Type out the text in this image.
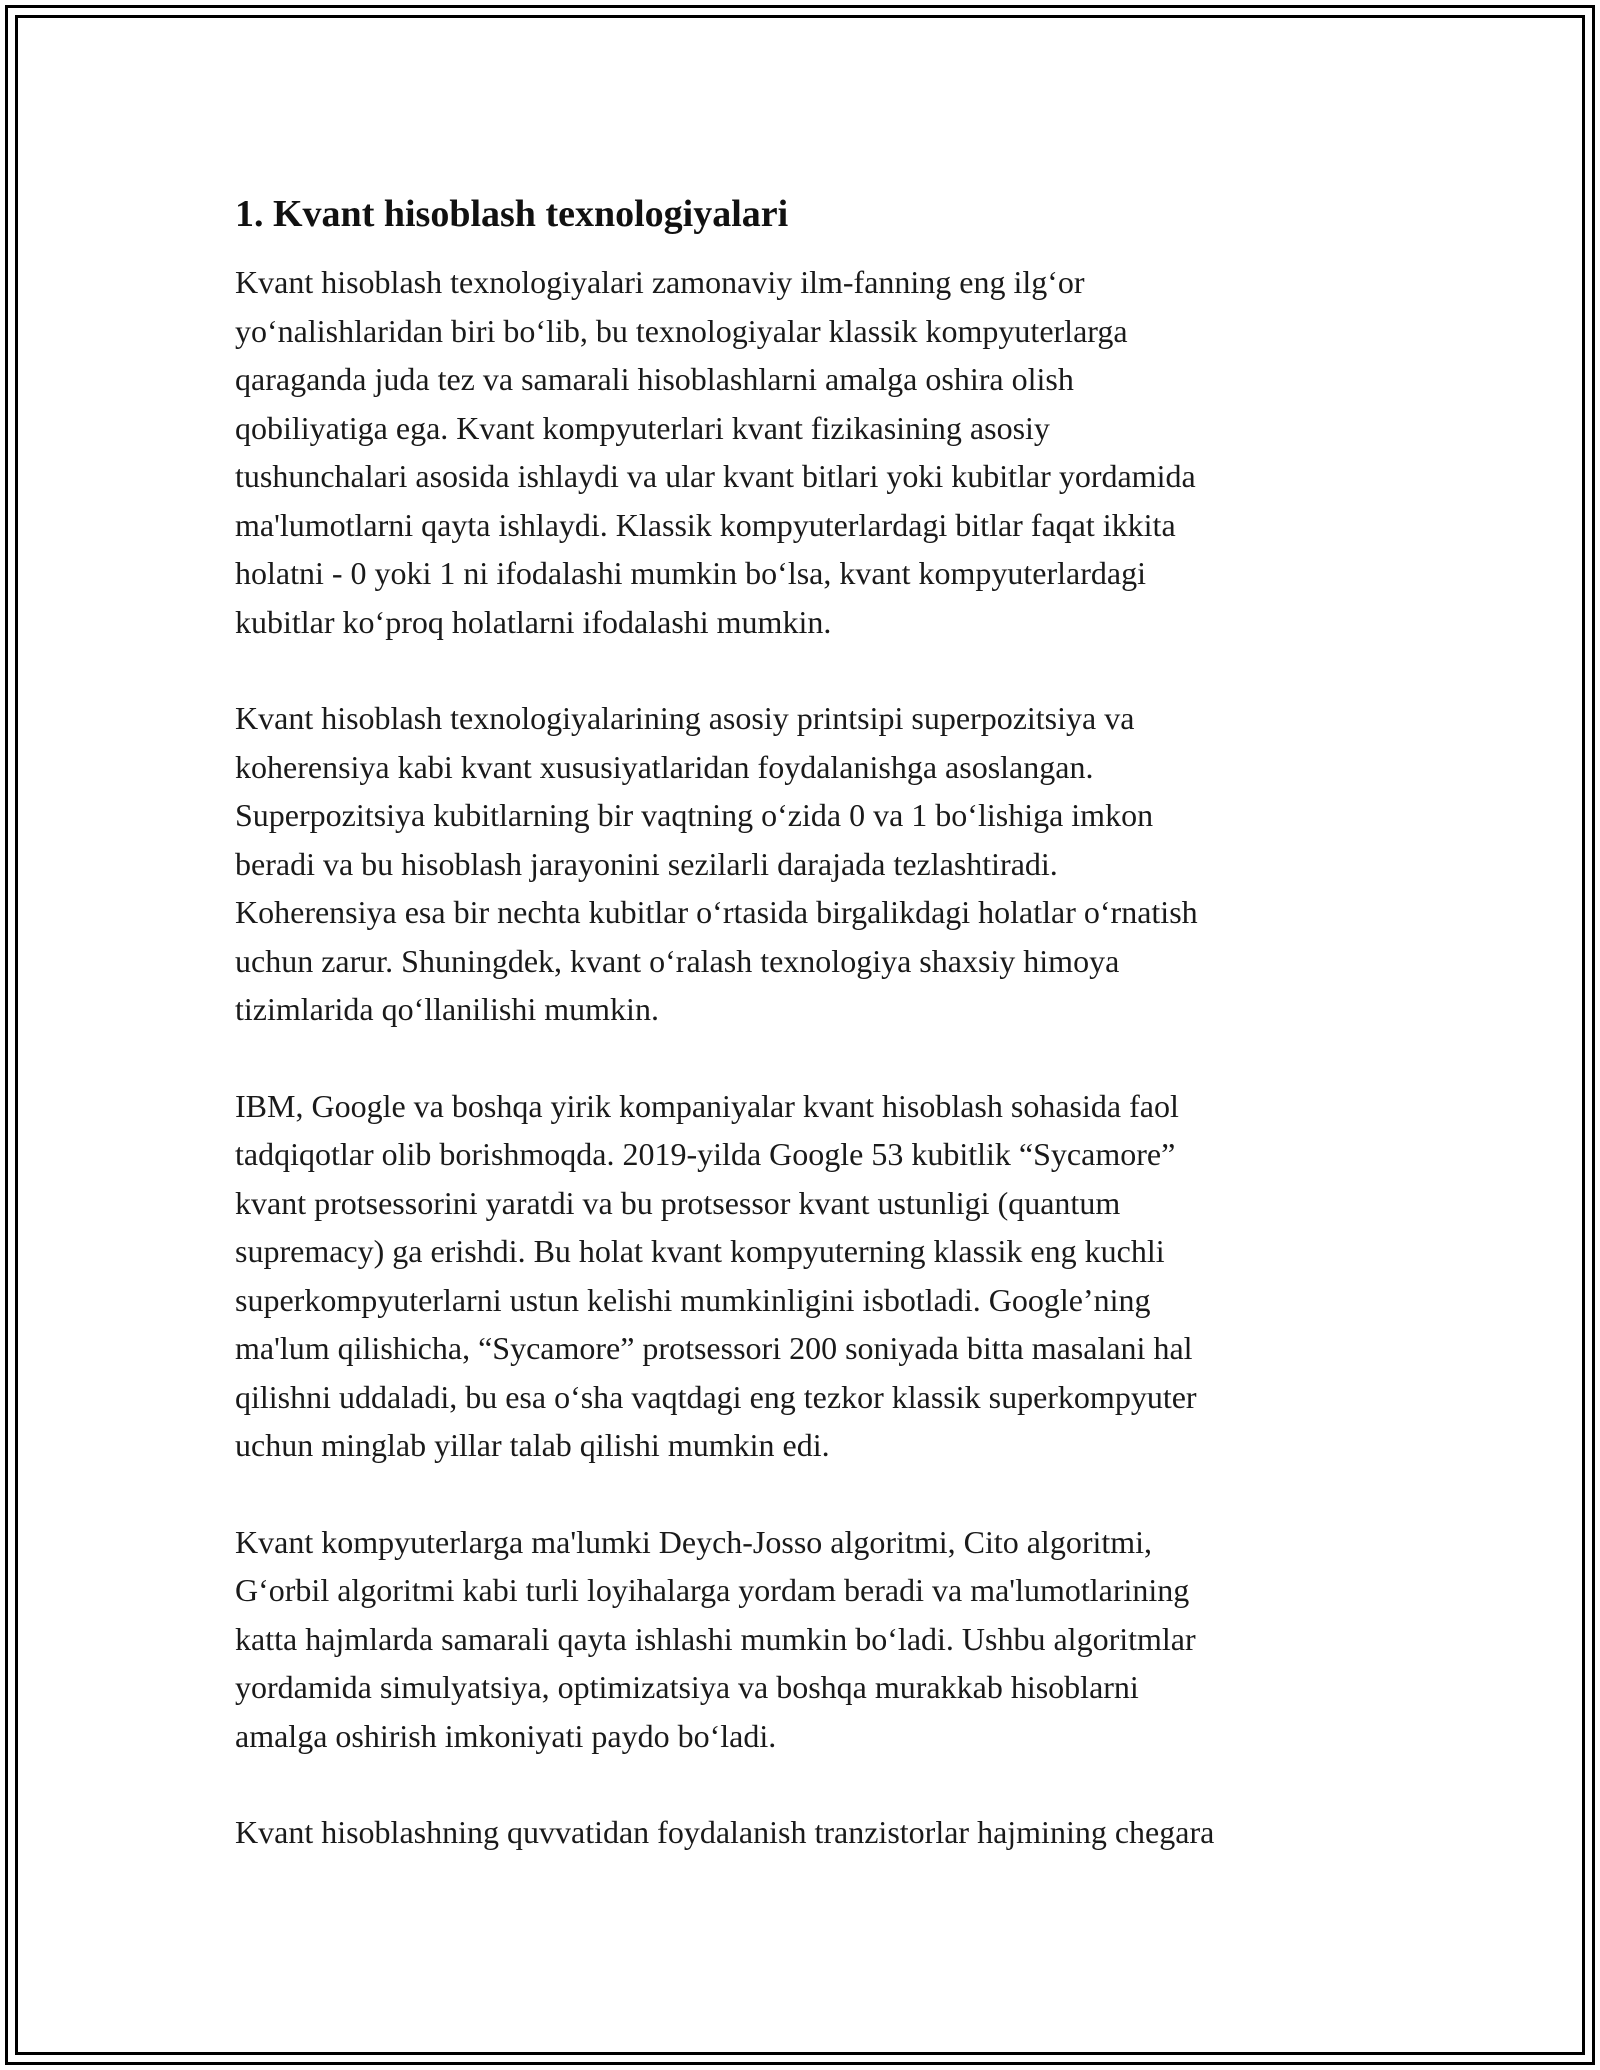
1. Kvant hisoblash texnologiyalari

Kvant hisoblash texnologiyalari zamonaviy ilm-fanning eng ilg‘or
yo‘nalishlaridan biri bo‘lib, bu texnologiyalar klassik kompyuterlarga
qaraganda juda tez va samarali hisoblashlarni amalga oshira olish
qobiliyatiga ega. Kvant kompyuterlari kvant fizikasining asosiy
tushunchalari asosida ishlaydi va ular kvant bitlari yoki kubitlar yordamida
ma'lumotlarni qayta ishlaydi. Klassik kompyuterlardagi bitlar faqat ikkita
holatni - 0 yoki 1 ni ifodalashi mumkin bo‘lsa, kvant kompyuterlardagi
kubitlar ko‘proq holatlarni ifodalashi mumkin.

Kvant hisoblash texnologiyalarining asosiy printsipi superpozitsiya va
koherensiya kabi kvant xususiyatlaridan foydalanishga asoslangan.
Superpozitsiya kubitlarning bir vaqtning o‘zida 0 va 1 bo‘lishiga imkon
beradi va bu hisoblash jarayonini sezilarli darajada tezlashtiradi.
Koherensiya esa bir nechta kubitlar o‘rtasida birgalikdagi holatlar o‘rnatish
uchun zarur. Shuningdek, kvant o‘ralash texnologiya shaxsiy himoya
tizimlarida qo‘llanilishi mumkin.

IBM, Google va boshqa yirik kompaniyalar kvant hisoblash sohasida faol
tadqiqotlar olib borishmoqda. 2019-yilda Google 53 kubitlik “Sycamore”
kvant protsessorini yaratdi va bu protsessor kvant ustunligi (quantum
supremacy) ga erishdi. Bu holat kvant kompyuterning klassik eng kuchli
superkompyuterlarni ustun kelishi mumkinligini isbotladi. Google’ning
ma'lum qilishicha, “Sycamore” protsessori 200 soniyada bitta masalani hal
qilishni uddaladi, bu esa o‘sha vaqtdagi eng tezkor klassik superkompyuter
uchun minglab yillar talab qilishi mumkin edi.

Kvant kompyuterlarga ma'lumki Deych-Josso algoritmi, Cito algoritmi,
G‘orbil algoritmi kabi turli loyihalarga yordam beradi va ma'lumotlarining
katta hajmlarda samarali qayta ishlashi mumkin bo‘ladi. Ushbu algoritmlar
yordamida simulyatsiya, optimizatsiya va boshqa murakkab hisoblarni
amalga oshirish imkoniyati paydo bo‘ladi.

Kvant hisoblashning quvvatidan foydalanish tranzistorlar hajmining chegara
